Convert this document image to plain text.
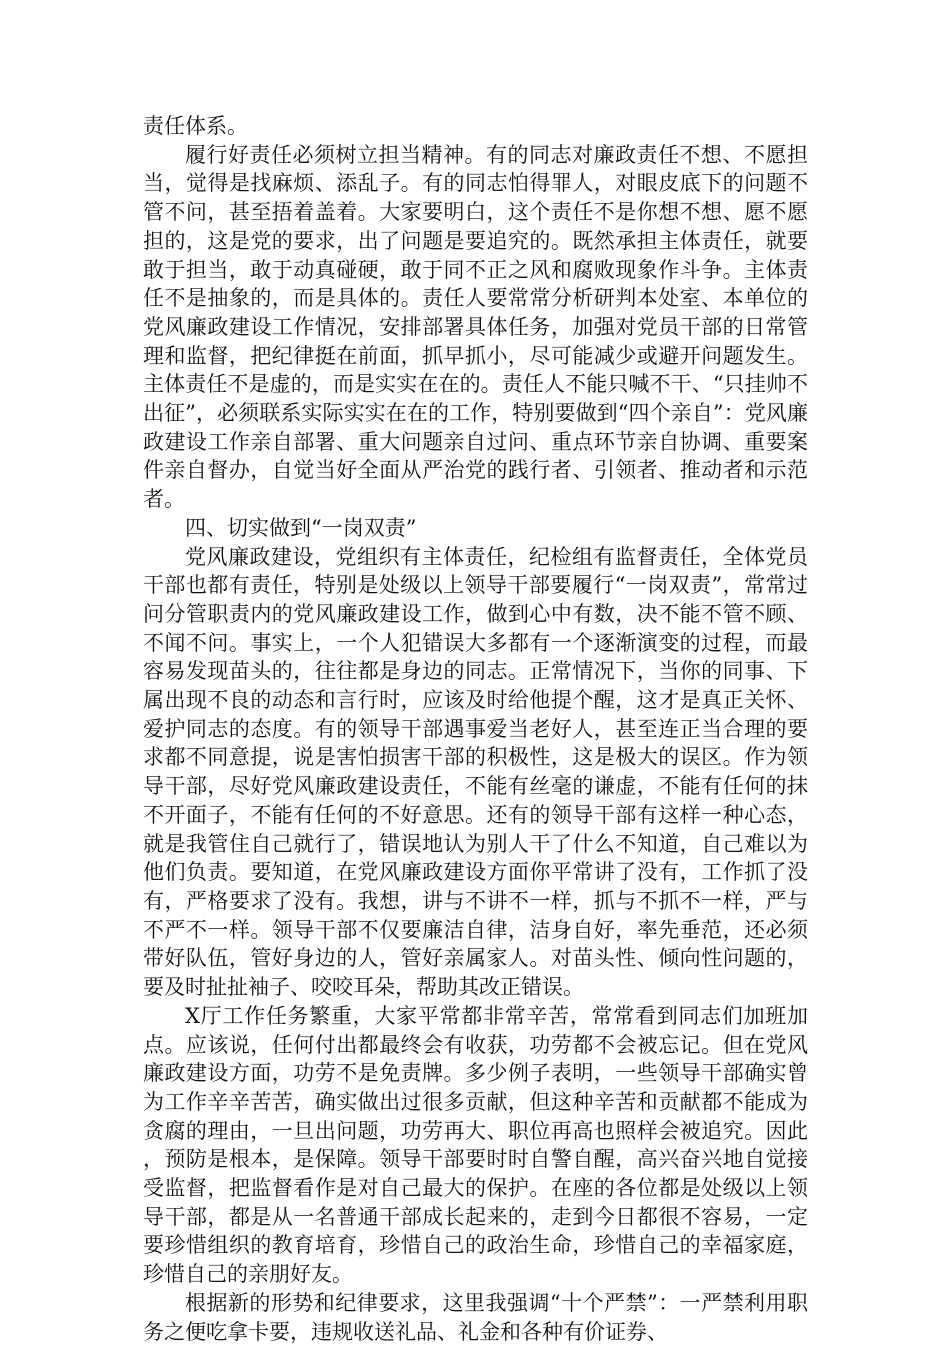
责任体系。

履行好责任必须树立担当精神。有的同志对廉政责任不想、不愿担当，觉得是找麻烦、添乱子。有的同志怕得罪人，对眼皮底下的问题不管不问，甚至捂着盖着。大家要明白，这个责任不是你想不想、愿不愿担的，这是党的要求，出了问题是要追究的。既然承担主体责任，就要敢于担当，敢于动真碰硬，敢于同不正之风和腐败现象作斗争。主体责任不是抽象的，而是具体的。责任人要常常分析研判本处室、本单位的党风廉政建设工作情况，安排部署具体任务，加强对党员干部的日常管理和监督，把纪律挺在前面，抓早抓小，尽可能减少或避开问题发生。主体责任不是虚的，而是实实在在的。责任人不能只喊不干、“只挂帅不出征”，必须联系实际实实在在的工作，特别要做到“四个亲自”：党风廉政建设工作亲自部署、重大问题亲自过问、重点环节亲自协调、重要案件亲自督办，自觉当好全面从严治党的践行者、引领者、推动者和示范者。

四、切实做到“一岗双责”

党风廉政建设，党组织有主体责任，纪检组有监督责任，全体党员干部也都有责任，特别是处级以上领导干部要履行“一岗双责”，常常过问分管职责内的党风廉政建设工作，做到心中有数，决不能不管不顾、不闻不问。事实上，一个人犯错误大多都有一个逐渐演变的过程，而最容易发现苗头的，往往都是身边的同志。正常情况下，当你的同事、下属出现不良的动态和言行时，应该及时给他提个醒，这才是真正关怀、爱护同志的态度。有的领导干部遇事爱当老好人，甚至连正当合理的要求都不同意提，说是害怕损害干部的积极性，这是极大的误区。作为领导干部，尽好党风廉政建设责任，不能有丝毫的谦虚，不能有任何的抹不开面子，不能有任何的不好意思。还有的领导干部有这样一种心态，就是我管住自己就行了，错误地认为别人干了什么不知道，自己难以为他们负责。要知道，在党风廉政建设方面你平常讲了没有，工作抓了没有，严格要求了没有。我想，讲与不讲不一样，抓与不抓不一样，严与不严不一样。领导干部不仅要廉洁自律，洁身自好，率先垂范，还必须带好队伍，管好身边的人，管好亲属家人。对苗头性、倾向性问题的，要及时扯扯袖子、咬咬耳朵，帮助其改正错误。

X厅工作任务繁重，大家平常都非常辛苦，常常看到同志们加班加点。应该说，任何付出都最终会有收获，功劳都不会被忘记。但在党风廉政建设方面，功劳不是免责牌。多少例子表明，一些领导干部确实曾为工作辛辛苦苦，确实做出过很多贡献，但这种辛苦和贡献都不能成为贪腐的理由，一旦出问题，功劳再大、职位再高也照样会被追究。因此，预防是根本，是保障。领导干部要时时自警自醒，高兴奋兴地自觉接受监督，把监督看作是对自己最大的保护。在座的各位都是处级以上领导干部，都是从一名普通干部成长起来的，走到今日都很不容易，一定要珍惜组织的教育培育，珍惜自己的政治生命，珍惜自己的幸福家庭，珍惜自己的亲朋好友。

根据新的形势和纪律要求，这里我强调“十个严禁”：一严禁利用职务之便吃拿卡要，违规收送礼品、礼金和各种有价证券、
